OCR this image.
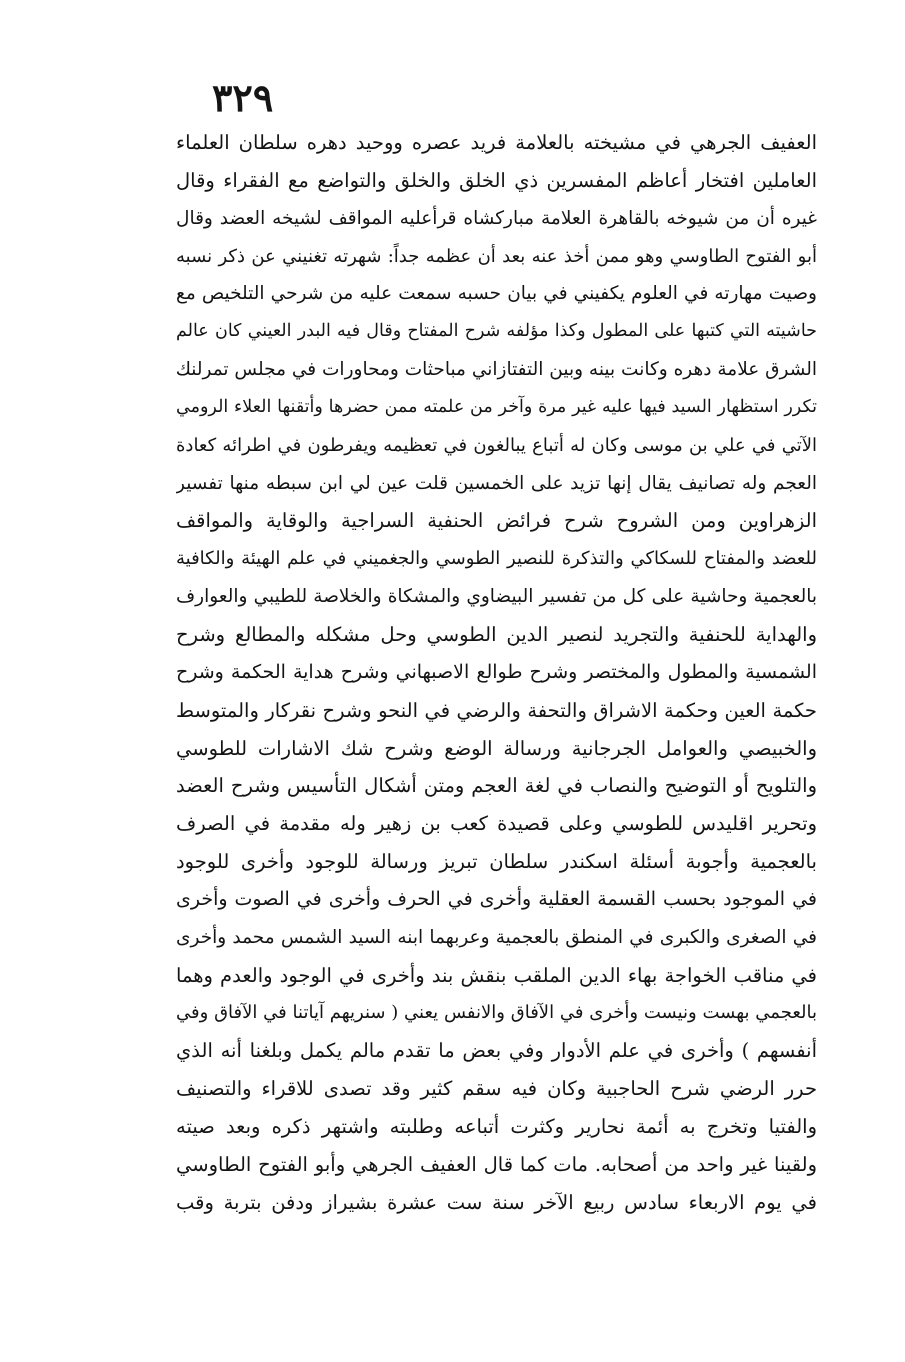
٣٢٩
العفيف الجرهي في مشيخته بالعلامة فريد عصره ووحيد دهره سلطان العلماء
العاملين افتخار أعاظم المفسرين ذي الخلق والخلق والتواضع مع الفقراء وقال
غيره أن من شيوخه بالقاهرة العلامة مباركشاه قرأعليه المواقف لشيخه العضد وقال
أبو الفتوح الطاوسي وهو ممن أخذ عنه بعد أن عظمه جداً: شهرته تغنيني عن ذكر نسبه
وصيت مهارته في العلوم يكفيني في بيان حسبه سمعت عليه من شرحي التلخيص مع
حاشيته التي كتبها على المطول وكذا مؤلفه شرح المفتاح وقال فيه البدر العيني كان عالم
الشرق علامة دهره وكانت بينه وبين التفتازاني مباحثات ومحاورات في مجلس تمرلنك
تكرر استظهار السيد فيها عليه غير مرة وآخر من علمته ممن حضرها وأتقنها العلاء الرومي
الآتي في علي بن موسى وكان له أتباع يبالغون في تعظيمه ويفرطون في اطرائه كعادة
العجم وله تصانيف يقال إنها تزيد على الخمسين قلت عين لي ابن سبطه منها تفسير
الزهراوين ومن الشروح شرح فرائض الحنفية السراجية والوقاية والمواقف
للعضد والمفتاح للسكاكي والتذكرة للنصير الطوسي والجغميني في علم الهيئة والكافية
بالعجمية وحاشية على كل من تفسير البيضاوي والمشكاة والخلاصة للطيبي والعوارف
والهداية للحنفية والتجريد لنصير الدين الطوسي وحل مشكله والمطالع وشرح
الشمسية والمطول والمختصر وشرح طوالع الاصبهاني وشرح هداية الحكمة وشرح
حكمة العين وحكمة الاشراق والتحفة والرضي في النحو وشرح نقركار والمتوسط
والخبيصي والعوامل الجرجانية ورسالة الوضع وشرح شك الاشارات للطوسي
والتلويح أو التوضيح والنصاب في لغة العجم ومتن أشكال التأسيس وشرح العضد
وتحرير اقليدس للطوسي وعلى قصيدة كعب بن زهير وله مقدمة في الصرف
بالعجمية وأجوبة أسئلة اسكندر سلطان تبريز ورسالة للوجود وأخرى للوجود
في الموجود بحسب القسمة العقلية وأخرى في الحرف وأخرى في الصوت وأخرى
في الصغرى والكبرى في المنطق بالعجمية وعربهما ابنه السيد الشمس محمد وأخرى
في مناقب الخواجة بهاء الدين الملقب بنقش بند وأخرى في الوجود والعدم وهما
بالعجمي بهست ونيست وأخرى في الآفاق والانفس يعني ( سنريهم آياتنا في الآفاق وفي
أنفسهم ) وأخرى في علم الأدوار وفي بعض ما تقدم مالم يكمل وبلغنا أنه الذي
حرر الرضي شرح الحاجبية وكان فيه سقم كثير وقد تصدى للاقراء والتصنيف
والفتيا وتخرج به أئمة نحارير وكثرت أتباعه وطلبته واشتهر ذكره وبعد صيته
ولقينا غير واحد من أصحابه. مات كما قال العفيف الجرهي وأبو الفتوح الطاوسي
في يوم الاربعاء سادس ربيع الآخر سنة ست عشرة بشيراز ودفن بتربة وقب
